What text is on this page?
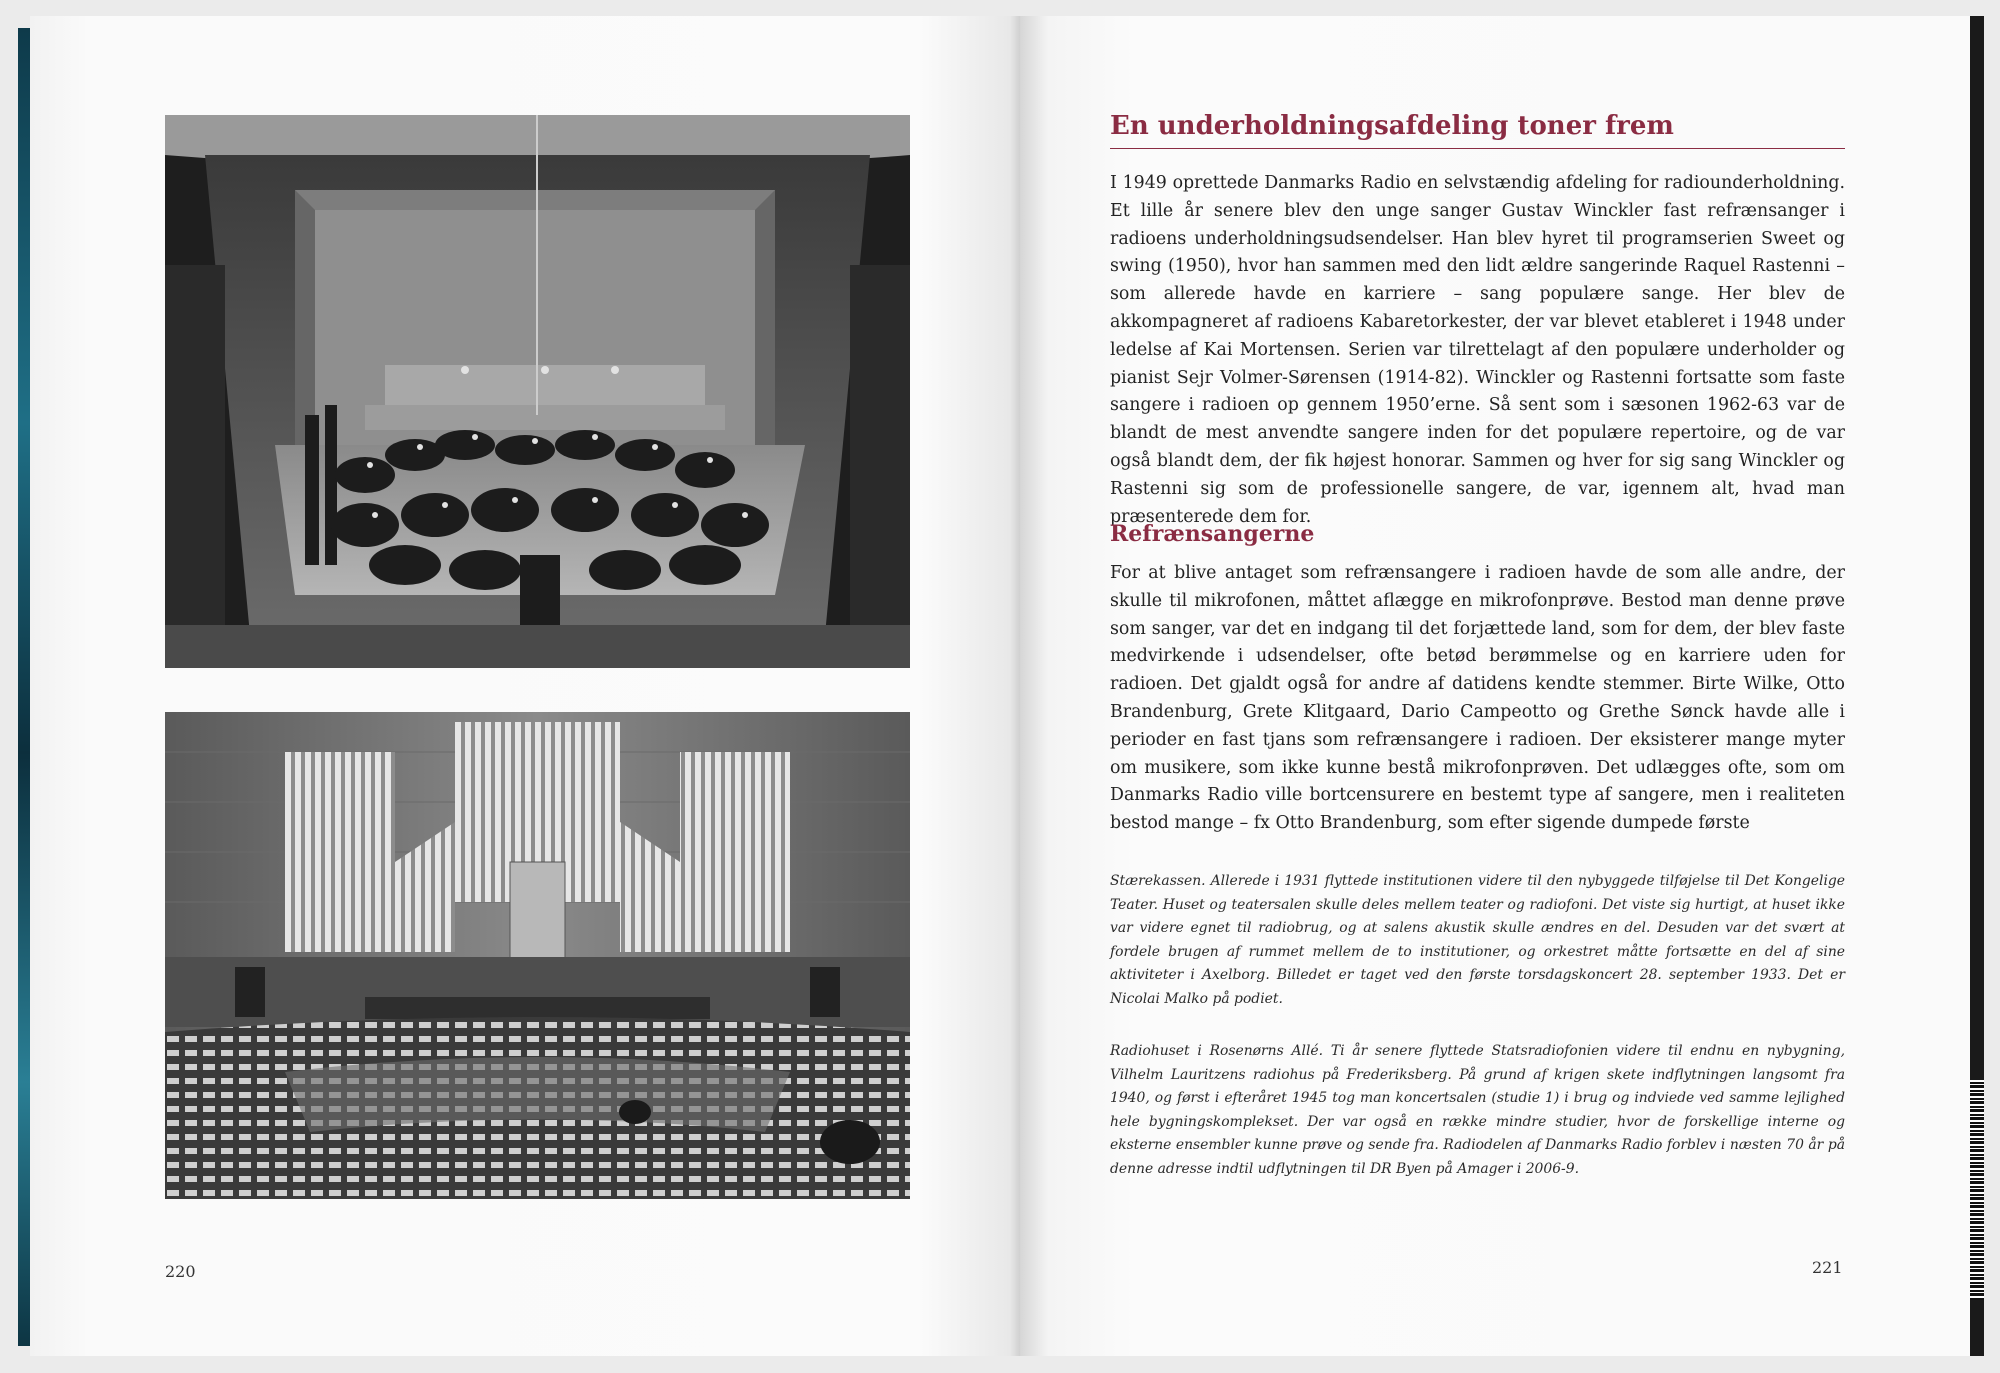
En underholdningsafdeling toner frem
I 1949 oprettede Danmarks Radio en selvstændig afdeling for radiounderholdning. Et lille år senere blev den unge sanger Gustav Winckler fast refrænsanger i radioens underholdningsudsendelser. Han blev hyret til programserien Sweet og swing (1950), hvor han sammen med den lidt ældre sangerinde Raquel Rastenni – som allerede havde en karriere – sang populære sange. Her blev de akkompagneret af radioens Kabaretorkester, der var blevet etableret i 1948 under ledelse af Kai Mortensen. Serien var tilrettelagt af den populære underholder og pianist Sejr Volmer-Sørensen (1914-82). Winckler og Rastenni fortsatte som faste sangere i radioen op gennem 1950’erne. Så sent som i sæsonen 1962-63 var de blandt de mest anvendte sangere inden for det populære repertoire, og de var også blandt dem, der fik højest honorar. Sammen og hver for sig sang Winckler og Rastenni sig som de professionelle sangere, de var, igennem alt, hvad man præsenterede dem for.
Refrænsangerne
For at blive antaget som refrænsangere i radioen havde de som alle andre, der skulle til mikrofonen, måttet aflægge en mikrofonprøve. Bestod man denne prøve som sanger, var det en indgang til det forjættede land, som for dem, der blev faste medvirkende i udsendelser, ofte betød berømmelse og en karriere uden for radioen. Det gjaldt også for andre af datidens kendte stemmer. Birte Wilke, Otto Brandenburg, Grete Klitgaard, Dario Campeotto og Grethe Sønck havde alle i perioder en fast tjans som refrænsangere i radioen. Der eksisterer mange myter om musikere, som ikke kunne bestå mikrofonprøven. Det udlægges ofte, som om Danmarks Radio ville bortcensurere en bestemt type af sangere, men i realiteten bestod mange – fx Otto Brandenburg, som efter sigende dumpede første
Stærekassen. Allerede i 1931 flyttede institutionen videre til den nybyggede tilføjelse til Det Kongelige Teater. Huset og teatersalen skulle deles mellem teater og radiofoni. Det viste sig hurtigt, at huset ikke var videre egnet til radiobrug, og at salens akustik skulle ændres en del. Desuden var det svært at fordele brugen af rummet mellem de to institutioner, og orkestret måtte fortsætte en del af sine aktiviteter i Axelborg. Billedet er taget ved den første torsdagskoncert 28. september 1933. Det er Nicolai Malko på podiet.
Radiohuset i Rosenørns Allé. Ti år senere flyttede Statsradiofonien videre til endnu en nybygning, Vilhelm Lauritzens radiohus på Frederiksberg. På grund af krigen skete indflytningen langsomt fra 1940, og først i efteråret 1945 tog man koncertsalen (studie 1) i brug og indviede ved samme lejlighed hele bygningskomplekset. Der var også en række mindre studier, hvor de forskellige interne og eksterne ensembler kunne prøve og sende fra. Radiodelen af Danmarks Radio forblev i næsten 70 år på denne adresse indtil udflytningen til DR Byen på Amager i 2006-9.
220	221
